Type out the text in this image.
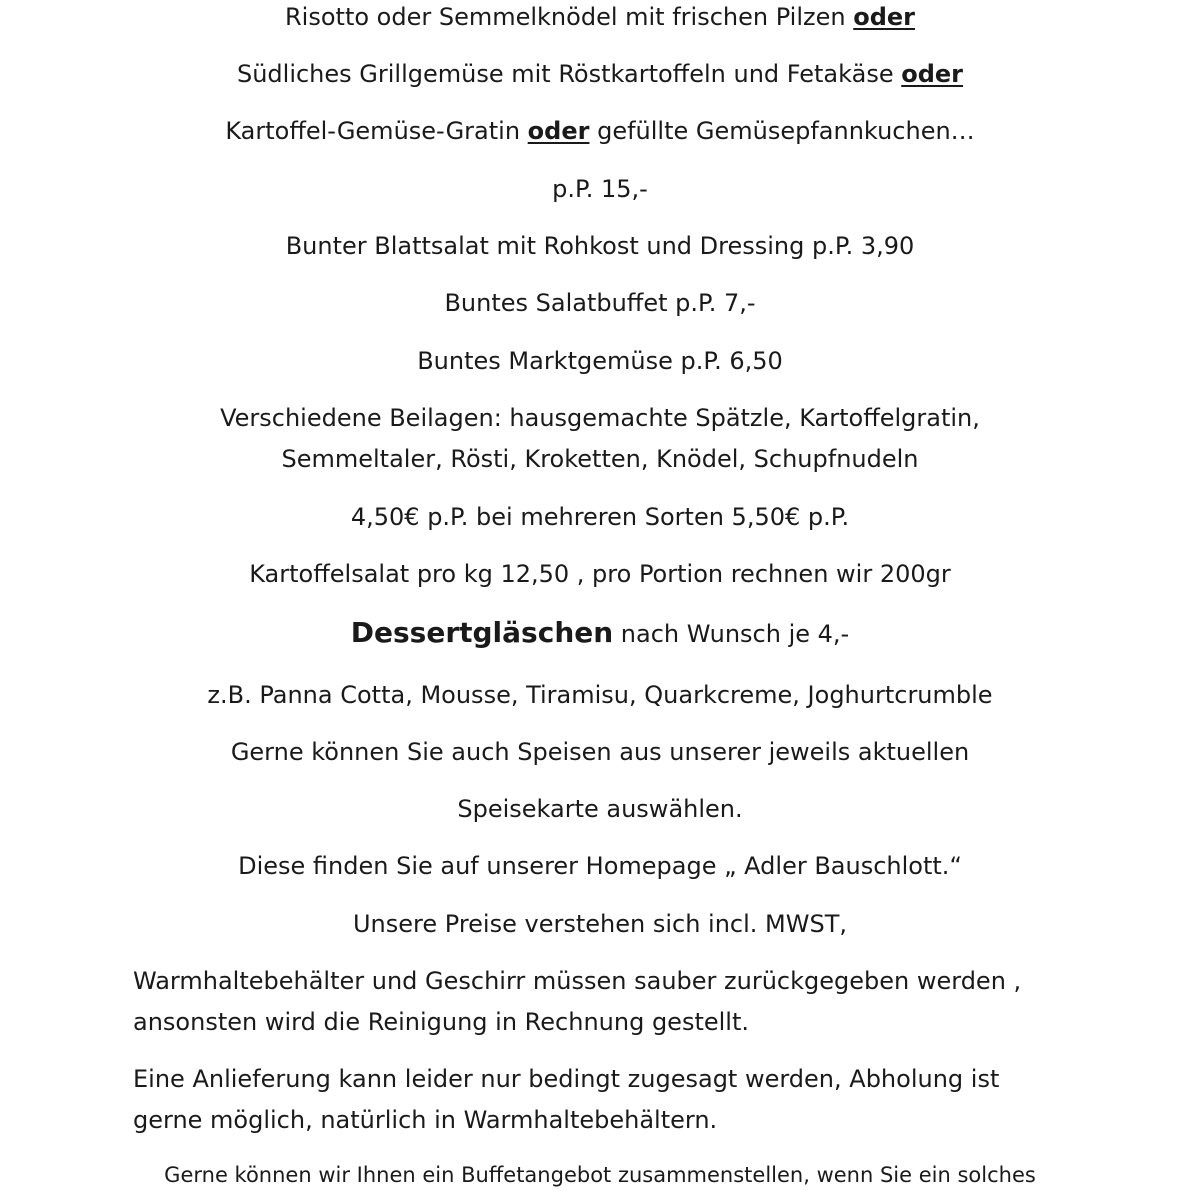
Risotto oder Semmelknödel mit frischen Pilzen oder
Südliches Grillgemüse mit Röstkartoffeln und Fetakäse oder
Kartoffel-Gemüse-Gratin oder gefüllte Gemüsepfannkuchen…
p.P. 15,-
Bunter Blattsalat mit Rohkost und Dressing p.P. 3,90
Buntes Salatbuffet p.P. 7,-
Buntes Marktgemüse p.P. 6,50
Verschiedene Beilagen: hausgemachte Spätzle, Kartoffelgratin,
Semmeltaler, Rösti, Kroketten, Knödel, Schupfnudeln
4,50€ p.P. bei mehreren Sorten 5,50€ p.P.
Kartoffelsalat pro kg 12,50 , pro Portion rechnen wir 200gr
Dessertgläschen nach Wunsch je 4,-
z.B. Panna Cotta, Mousse, Tiramisu, Quarkcreme, Joghurtcrumble
Gerne können Sie auch Speisen aus unserer jeweils aktuellen
Speisekarte auswählen.
Diese finden Sie auf unserer Homepage „ Adler Bauschlott.“
Unsere Preise verstehen sich incl. MWST,
Warmhaltebehälter und Geschirr müssen sauber zurückgegeben werden ,
ansonsten wird die Reinigung in Rechnung gestellt.
Eine Anlieferung kann leider nur bedingt zugesagt werden, Abholung ist
gerne möglich, natürlich in Warmhaltebehältern.
Gerne können wir Ihnen ein Buffetangebot zusammenstellen, wenn Sie ein solches
